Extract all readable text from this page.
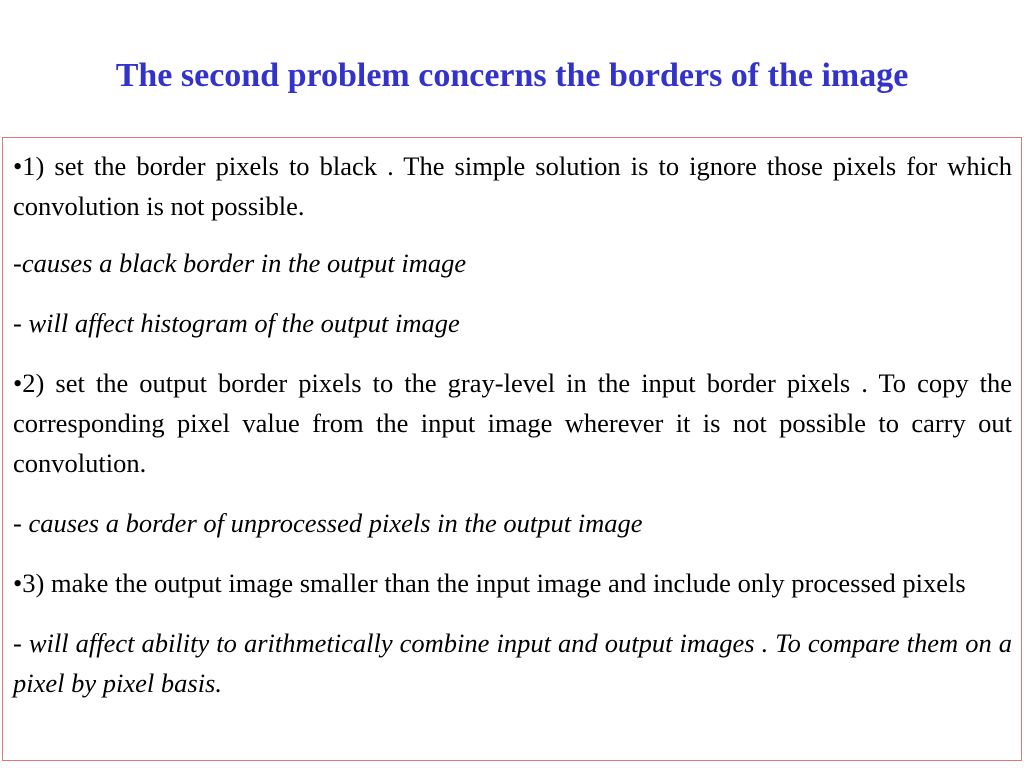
The second problem concerns the borders of the image

•1) set the border pixels to black . The simple solution is to ignore those pixels for which convolution is not possible.

-causes a black border in the output image

- will affect histogram of the output image

•2) set the output border pixels to the gray-level in the input border pixels . To copy the corresponding pixel value from the input image wherever it is not possible to carry out convolution.

- causes a border of unprocessed pixels in the output image

•3) make the output image smaller than the input image and include only processed pixels

- will affect ability to arithmetically combine input and output images . To compare them on a pixel by pixel basis.
